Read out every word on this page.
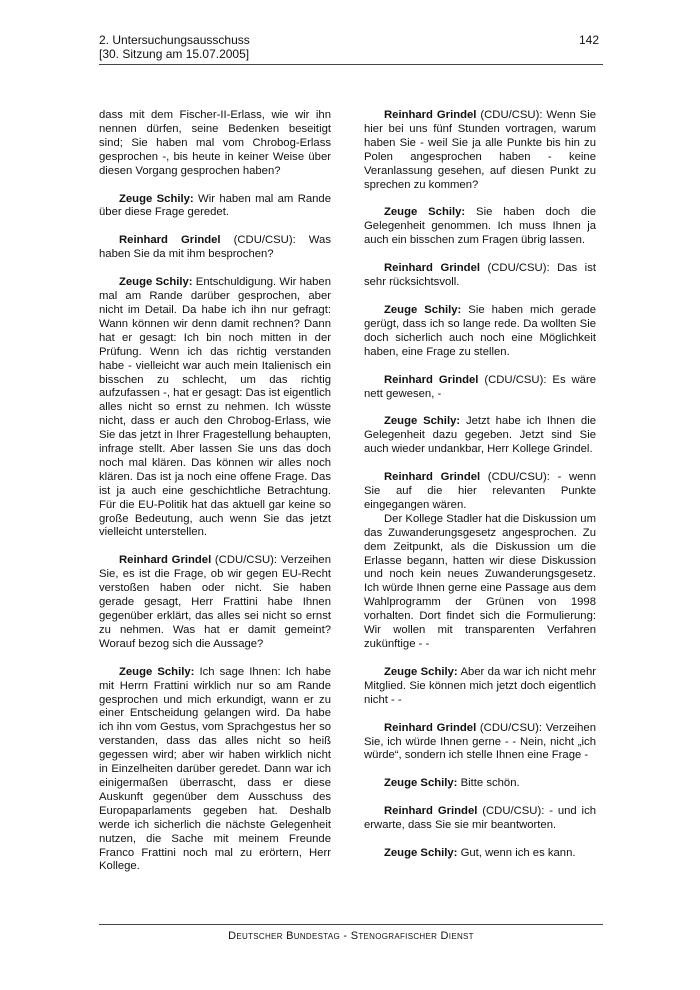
2. Untersuchungsausschuss
[30. Sitzung am 15.07.2005]
142

dass mit dem Fischer-II-Erlass, wie wir ihn nennen dürfen, seine Bedenken beseitigt sind; Sie haben mal vom Chrobog-Erlass gesprochen -, bis heute in keiner Weise über diesen Vorgang gesprochen haben?

Zeuge Schily: Wir haben mal am Rande über diese Frage geredet.

Reinhard Grindel (CDU/CSU): Was haben Sie da mit ihm besprochen?

Zeuge Schily: Entschuldigung. Wir haben mal am Rande darüber gesprochen, aber nicht im Detail. Da habe ich ihn nur gefragt: Wann können wir denn damit rechnen? Dann hat er gesagt: Ich bin noch mitten in der Prüfung. Wenn ich das richtig verstanden habe - vielleicht war auch mein Italienisch ein bisschen zu schlecht, um das richtig aufzufassen -, hat er gesagt: Das ist eigentlich alles nicht so ernst zu nehmen. Ich wüsste nicht, dass er auch den Chrobog-Erlass, wie Sie das jetzt in Ihrer Fragestellung behaupten, infrage stellt. Aber lassen Sie uns das doch noch mal klären. Das können wir alles noch klären. Das ist ja noch eine offene Frage. Das ist ja auch eine geschichtliche Betrachtung. Für die EU-Politik hat das aktuell gar keine so große Bedeutung, auch wenn Sie das jetzt vielleicht unterstellen.

Reinhard Grindel (CDU/CSU): Verzeihen Sie, es ist die Frage, ob wir gegen EU-Recht verstoßen haben oder nicht. Sie haben gerade gesagt, Herr Frattini habe Ihnen gegenüber erklärt, das alles sei nicht so ernst zu nehmen. Was hat er damit gemeint? Worauf bezog sich die Aussage?

Zeuge Schily: Ich sage Ihnen: Ich habe mit Herrn Frattini wirklich nur so am Rande gesprochen und mich erkundigt, wann er zu einer Entscheidung gelangen wird. Da habe ich ihn vom Gestus, vom Sprachgestus her so verstanden, dass das alles nicht so heiß gegessen wird; aber wir haben wirklich nicht in Einzelheiten darüber geredet. Dann war ich einigermaßen überrascht, dass er diese Auskunft gegenüber dem Ausschuss des Europaparlaments gegeben hat. Deshalb werde ich sicherlich die nächste Gelegenheit nutzen, die Sache mit meinem Freunde Franco Frattini noch mal zu erörtern, Herr Kollege.

Reinhard Grindel (CDU/CSU): Wenn Sie hier bei uns fünf Stunden vortragen, warum haben Sie - weil Sie ja alle Punkte bis hin zu Polen angesprochen haben - keine Veranlassung gesehen, auf diesen Punkt zu sprechen zu kommen?

Zeuge Schily: Sie haben doch die Gelegenheit genommen. Ich muss Ihnen ja auch ein bisschen zum Fragen übrig lassen.

Reinhard Grindel (CDU/CSU): Das ist sehr rücksichtsvoll.

Zeuge Schily: Sie haben mich gerade gerügt, dass ich so lange rede. Da wollten Sie doch sicherlich auch noch eine Möglichkeit haben, eine Frage zu stellen.

Reinhard Grindel (CDU/CSU): Es wäre nett gewesen, -

Zeuge Schily: Jetzt habe ich Ihnen die Gelegenheit dazu gegeben. Jetzt sind Sie auch wieder undankbar, Herr Kollege Grindel.

Reinhard Grindel (CDU/CSU): - wenn Sie auf die hier relevanten Punkte eingegangen wären.

Der Kollege Stadler hat die Diskussion um das Zuwanderungsgesetz angesprochen. Zu dem Zeitpunkt, als die Diskussion um die Erlasse begann, hatten wir diese Diskussion und noch kein neues Zuwanderungsgesetz. Ich würde Ihnen gerne eine Passage aus dem Wahlprogramm der Grünen von 1998 vorhalten. Dort findet sich die Formulierung: Wir wollen mit transparenten Verfahren zukünftige - -

Zeuge Schily: Aber da war ich nicht mehr Mitglied. Sie können mich jetzt doch eigentlich nicht - -

Reinhard Grindel (CDU/CSU): Verzeihen Sie, ich würde Ihnen gerne - - Nein, nicht „ich würde“, sondern ich stelle Ihnen eine Frage -

Zeuge Schily: Bitte schön.

Reinhard Grindel (CDU/CSU): - und ich erwarte, dass Sie sie mir beantworten.

Zeuge Schily: Gut, wenn ich es kann.

Deutscher Bundestag - Stenografischer Dienst
